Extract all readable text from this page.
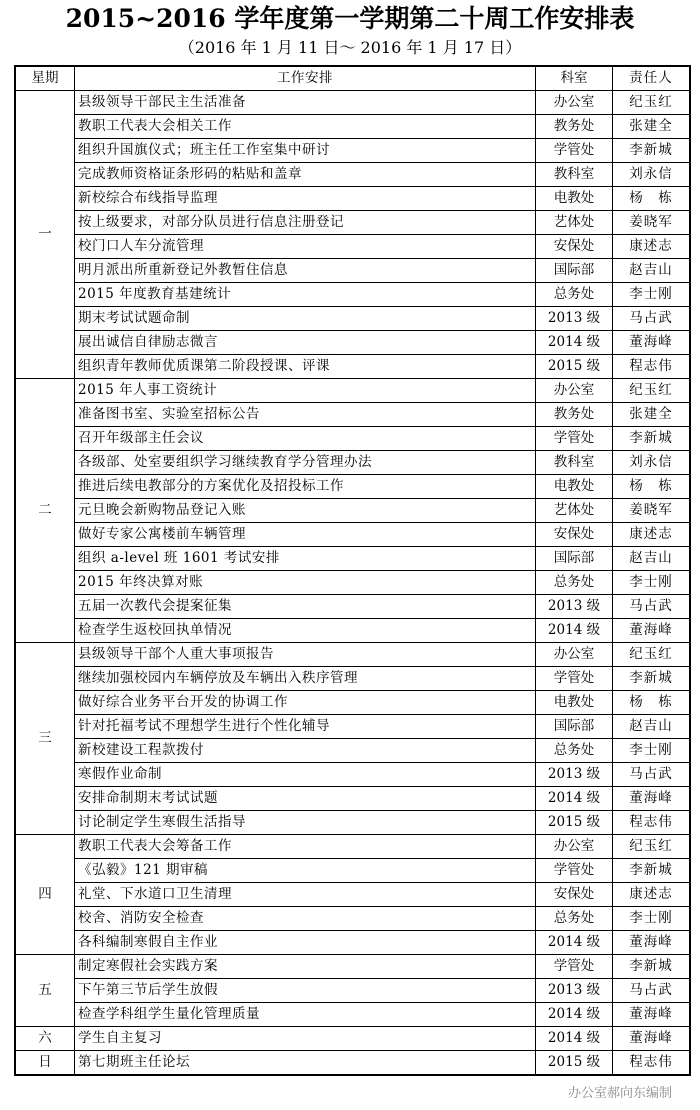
2015~2016 学年度第一学期第二十周工作安排表
（2016 年 1 月 11 日～ 2016 年 1 月 17 日）
星期	工作安排	科室	责任人
一	县级领导干部民主生活准备	办公室	纪玉红
	教职工代表大会相关工作	教务处	张建全
	组织升国旗仪式；班主任工作室集中研讨	学管处	李新城
	完成教师资格证条形码的粘贴和盖章	教科室	刘永信
	新校综合布线指导监理	电教处	杨　栋
	按上级要求，对部分队员进行信息注册登记	艺体处	姜晓军
	校门口人车分流管理	安保处	康述志
	明月派出所重新登记外教暂住信息	国际部	赵吉山
	2015 年度教育基建统计	总务处	李士刚
	期末考试试题命制	2013 级	马占武
	展出诚信自律励志微言	2014 级	董海峰
	组织青年教师优质课第二阶段授课、评课	2015 级	程志伟
二	2015 年人事工资统计	办公室	纪玉红
	准备图书室、实验室招标公告	教务处	张建全
	召开年级部主任会议	学管处	李新城
	各级部、处室要组织学习继续教育学分管理办法	教科室	刘永信
	推进后续电教部分的方案优化及招投标工作	电教处	杨　栋
	元旦晚会新购物品登记入账	艺体处	姜晓军
	做好专家公寓楼前车辆管理	安保处	康述志
	组织 a-level 班 1601 考试安排	国际部	赵吉山
	2015 年终决算对账	总务处	李士刚
	五届一次教代会提案征集	2013 级	马占武
	检查学生返校回执单情况	2014 级	董海峰
三	县级领导干部个人重大事项报告	办公室	纪玉红
	继续加强校园内车辆停放及车辆出入秩序管理	学管处	李新城
	做好综合业务平台开发的协调工作	电教处	杨　栋
	针对托福考试不理想学生进行个性化辅导	国际部	赵吉山
	新校建设工程款拨付	总务处	李士刚
	寒假作业命制	2013 级	马占武
	安排命制期末考试试题	2014 级	董海峰
	讨论制定学生寒假生活指导	2015 级	程志伟
四	教职工代表大会筹备工作	办公室	纪玉红
	《弘毅》121 期审稿	学管处	李新城
	礼堂、下水道口卫生清理	安保处	康述志
	校舍、消防安全检查	总务处	李士刚
	各科编制寒假自主作业	2014 级	董海峰
五	制定寒假社会实践方案	学管处	李新城
	下午第三节后学生放假	2013 级	马占武
	检查学科组学生量化管理质量	2014 级	董海峰
六	学生自主复习	2014 级	董海峰
日	第七期班主任论坛	2015 级	程志伟
办公室郝向东编制
